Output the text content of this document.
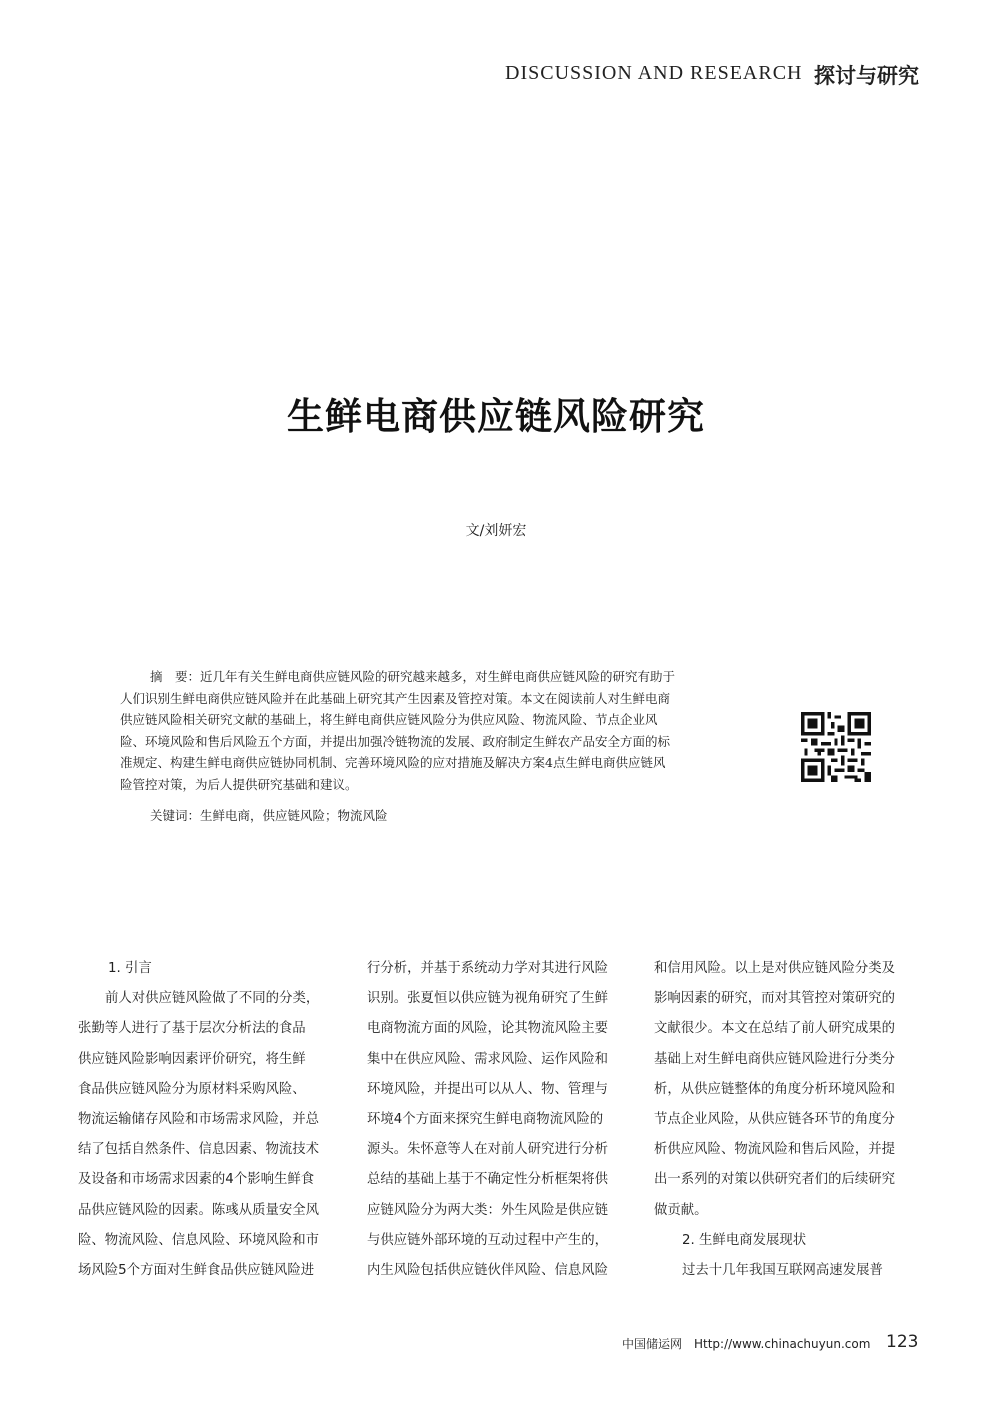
DISCUSSION AND RESEARCH 探讨与研究
生鲜电商供应链风险研究
文/刘妍宏
摘　要：近几年有关生鲜电商供应链风险的研究越来越多，对生鲜电商供应链风险的研究有助于
人们识别生鲜电商供应链风险并在此基础上研究其产生因素及管控对策。本文在阅读前人对生鲜电商
供应链风险相关研究文献的基础上，将生鲜电商供应链风险分为供应风险、物流风险、节点企业风
险、环境风险和售后风险五个方面，并提出加强冷链物流的发展、政府制定生鲜农产品安全方面的标
准规定、构建生鲜电商供应链协同机制、完善环境风险的应对措施及解决方案4点生鲜电商供应链风
险管控对策，为后人提供研究基础和建议。
关键词：生鲜电商，供应链风险；物流风险
1. 引言
前人对供应链风险做了不同的分类，
张勤等人进行了基于层次分析法的食品
供应链风险影响因素评价研究，将生鲜
食品供应链风险分为原材料采购风险、
物流运输储存风险和市场需求风险，并总
结了包括自然条件、信息因素、物流技术
及设备和市场需求因素的4个影响生鲜食
品供应链风险的因素。陈彧从质量安全风
险、物流风险、信息风险、环境风险和市
场风险5个方面对生鲜食品供应链风险进
行分析，并基于系统动力学对其进行风险
识别。张夏恒以供应链为视角研究了生鲜
电商物流方面的风险，论其物流风险主要
集中在供应风险、需求风险、运作风险和
环境风险，并提出可以从人、物、管理与
环境4个方面来探究生鲜电商物流风险的
源头。朱怀意等人在对前人研究进行分析
总结的基础上基于不确定性分析框架将供
应链风险分为两大类：外生风险是供应链
与供应链外部环境的互动过程中产生的，
内生风险包括供应链伙伴风险、信息风险
和信用风险。以上是对供应链风险分类及
影响因素的研究，而对其管控对策研究的
文献很少。本文在总结了前人研究成果的
基础上对生鲜电商供应链风险进行分类分
析，从供应链整体的角度分析环境风险和
节点企业风险，从供应链各环节的角度分
析供应风险、物流风险和售后风险，并提
出一系列的对策以供研究者们的后续研究
做贡献。
2. 生鲜电商发展现状
过去十几年我国互联网高速发展普
中国储运网　Http://www.chinachuyun.com 123
